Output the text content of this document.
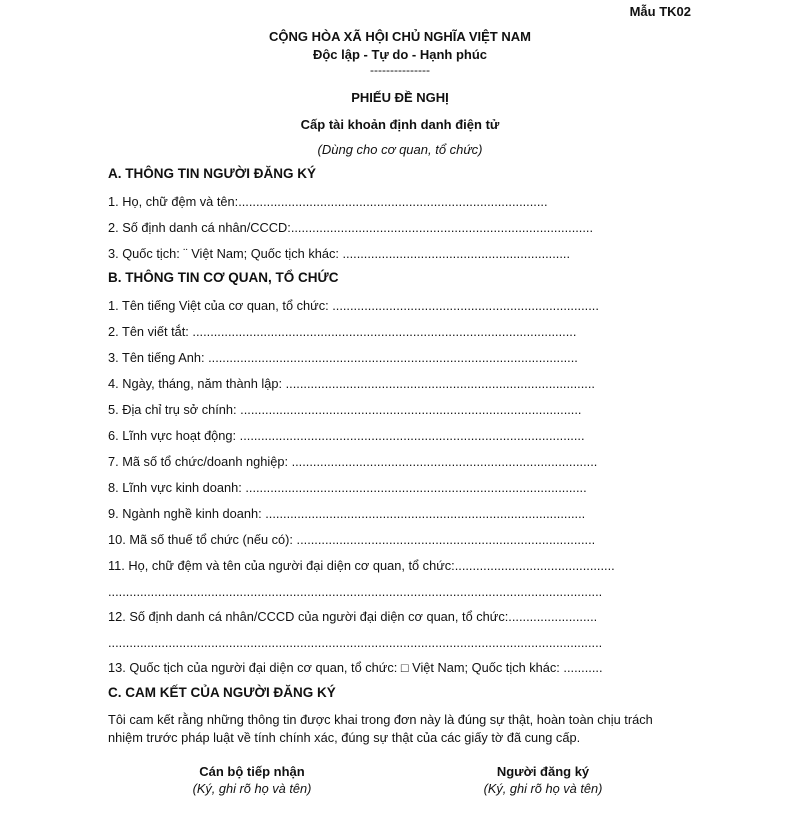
Mẫu TK02
CỘNG HÒA XÃ HỘI CHỦ NGHĨA VIỆT NAM
Độc lập - Tự do - Hạnh phúc
---------------
PHIẾU ĐỀ NGHỊ
Cấp tài khoản định danh điện tử
(Dùng cho cơ quan, tổ chức)
A. THÔNG TIN NGƯỜI ĐĂNG KÝ
1. Họ, chữ đệm và tên:.......................................................................................
2. Số định danh cá nhân/CCCD:.....................................................................................
3. Quốc tịch: ¨ Việt Nam; Quốc tịch khác: ................................................................
B. THÔNG TIN CƠ QUAN, TỔ CHỨC
1. Tên tiếng Việt của cơ quan, tổ chức: ...........................................................................
2. Tên viết tắt: ............................................................................................................
3. Tên tiếng Anh: ........................................................................................................
4. Ngày, tháng, năm thành lập: .......................................................................................
5. Địa chỉ trụ sở chính: ................................................................................................
6. Lĩnh vực hoạt động: .................................................................................................
7. Mã số tổ chức/doanh nghiệp: ......................................................................................
8. Lĩnh vực kinh doanh: ................................................................................................
9. Ngành nghề kinh doanh: ..........................................................................................
10. Mã số thuế tổ chức (nếu có): ....................................................................................
11. Họ, chữ đệm và tên của người đại diện cơ quan, tổ chức:.............................................
...........................................................................................................................................
12. Số định danh cá nhân/CCCD của người đại diện cơ quan, tổ chức:.........................
...........................................................................................................................................
13. Quốc tịch của người đại diện cơ quan, tổ chức: □ Việt Nam; Quốc tịch khác: ...........
C. CAM KẾT CỦA NGƯỜI ĐĂNG KÝ
Tôi cam kết rằng những thông tin được khai trong đơn này là đúng sự thật, hoàn toàn chịu trách nhiệm trước pháp luật về tính chính xác, đúng sự thật của các giấy tờ đã cung cấp.
Cán bộ tiếp nhận
(Ký, ghi rõ họ và tên)
Người đăng ký
(Ký, ghi rõ họ và tên)
